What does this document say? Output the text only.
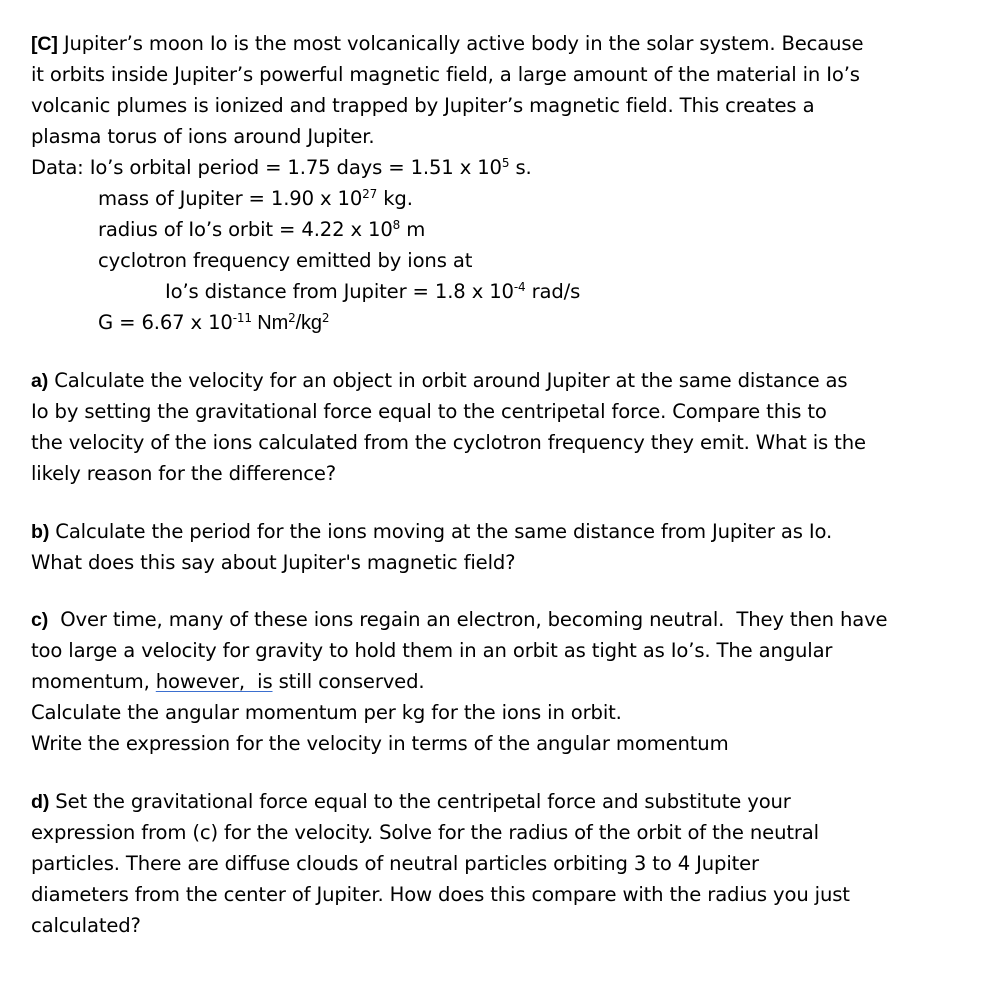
[C] Jupiter’s moon Io is the most volcanically active body in the solar system. Because
it orbits inside Jupiter’s powerful magnetic field, a large amount of the material in Io’s
volcanic plumes is ionized and trapped by Jupiter’s magnetic field. This creates a
plasma torus of ions around Jupiter.
Data: Io’s orbital period = 1.75 days = 1.51 x $10^5$ s.
mass of Jupiter = 1.90 x $10^{27}$ kg.
radius of Io’s orbit = 4.22 x $10^8$ m
cyclotron frequency emitted by ions at
Io’s distance from Jupiter = 1.8 x $10^{-4}$ rad/s
G = 6.67 x $10^{-11}$ $Nm^2/kg^2$
a) Calculate the velocity for an object in orbit around Jupiter at the same distance as
Io by setting the gravitational force equal to the centripetal force. Compare this to
the velocity of the ions calculated from the cyclotron frequency they emit. What is the
likely reason for the difference?
b) Calculate the period for the ions moving at the same distance from Jupiter as Io.
What does this say about Jupiter's magnetic field?
c)  Over time, many of these ions regain an electron, becoming neutral.  They then have
too large a velocity for gravity to hold them in an orbit as tight as Io’s. The angular
momentum, however,  is still conserved.
Calculate the angular momentum per kg for the ions in orbit.
Write the expression for the velocity in terms of the angular momentum
d) Set the gravitational force equal to the centripetal force and substitute your
expression from (c) for the velocity. Solve for the radius of the orbit of the neutral
particles. There are diffuse clouds of neutral particles orbiting 3 to 4 Jupiter
diameters from the center of Jupiter. How does this compare with the radius you just
calculated?
